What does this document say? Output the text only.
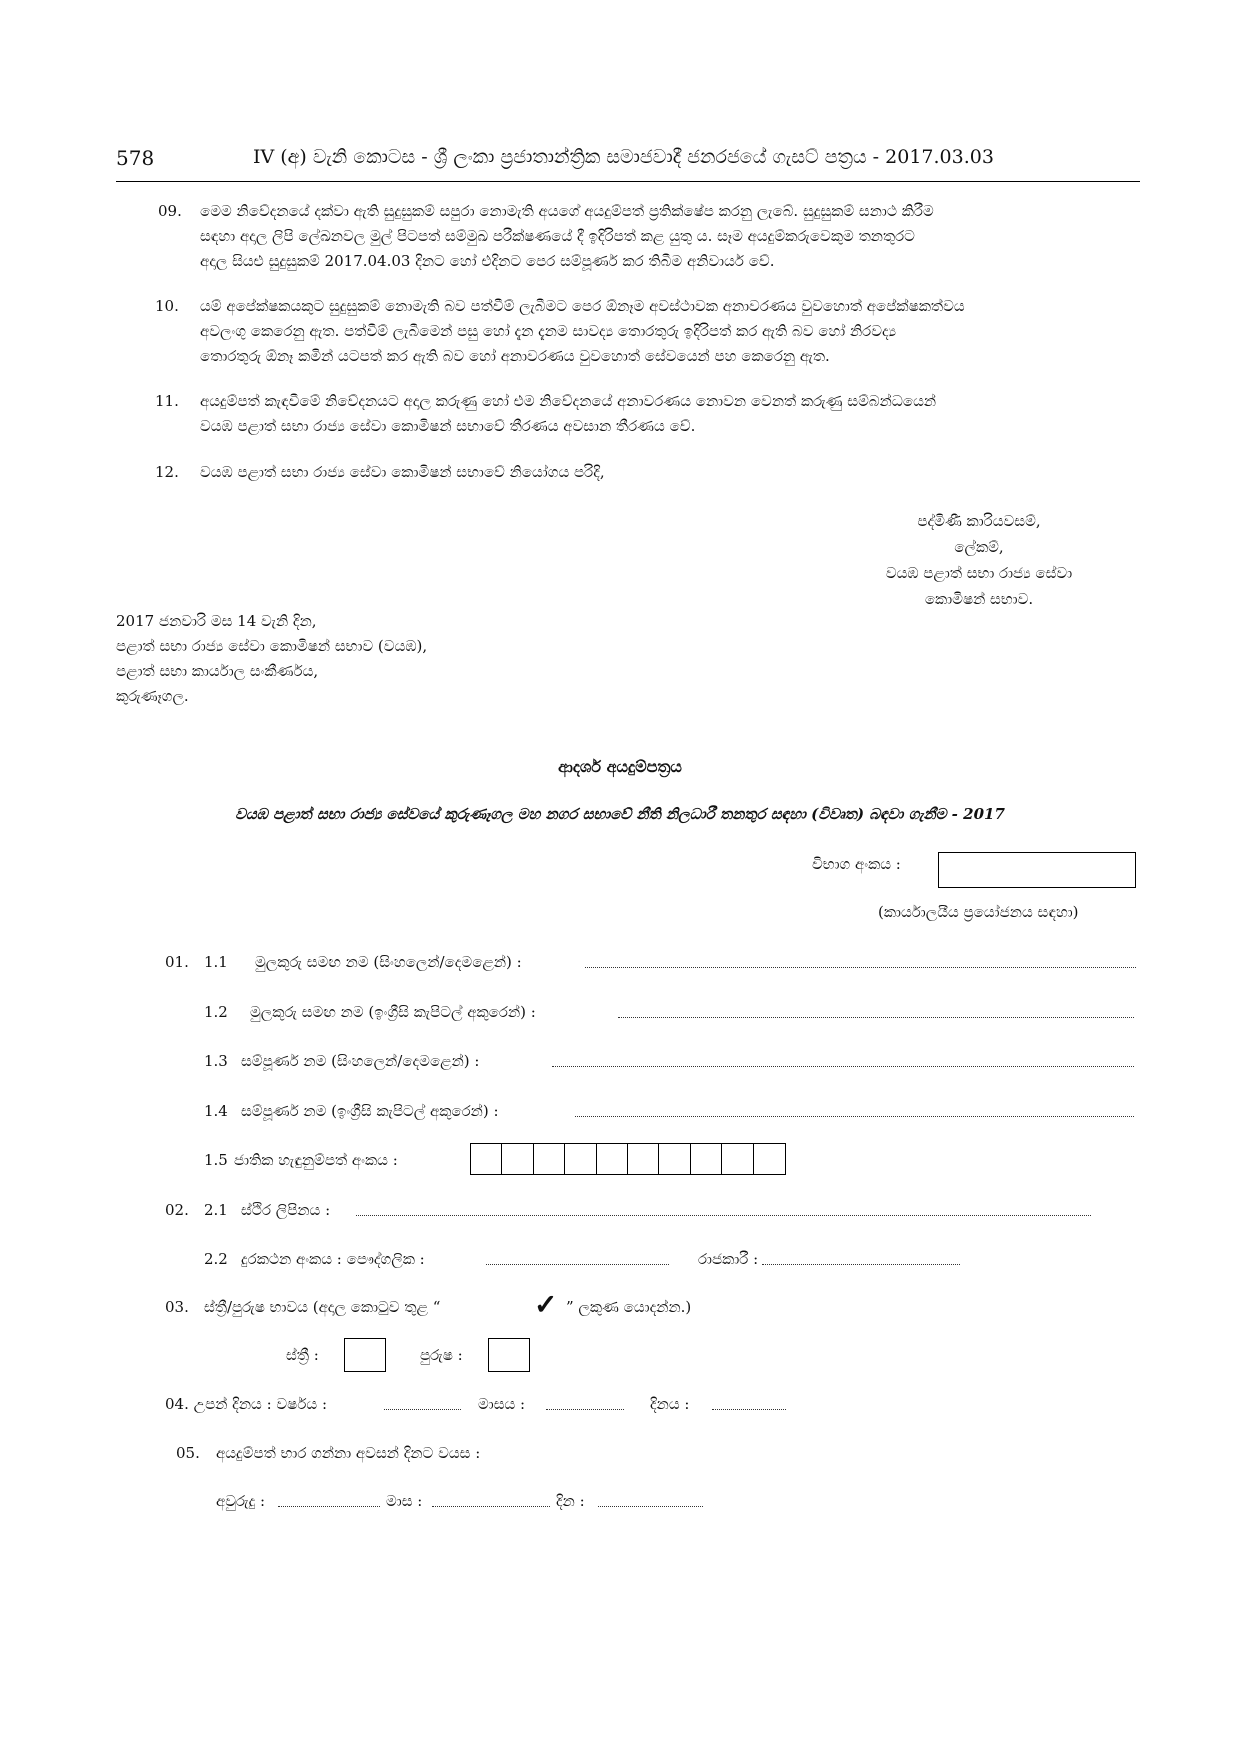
578	IV (අ) වැනි කොටස - ශ්‍රී ලංකා ප්‍රජාතාන්ත්‍රික සමාජවාදී ජනරජයේ ගැසට් පත්‍රය - 2017.03.03
09. මෙම නිවේදනයේ දක්වා ඇති සුදුසුකම් සපුරා නොමැති අයගේ අයදුම්පත් ප්‍රතික්ෂේප කරනු ලැබේ. සුදුසුකම් සනාථ කිරීම
සඳහා අදාල ලිපි ලේඛනවල මුල් පිටපත් සම්මුඛ පරීක්ෂණයේ දී ඉදිරිපත් කළ යුතු ය. සෑම අයදුම්කරුවෙකුම තනතුරට
අදාල සියළු සුදුසුකම් 2017.04.03 දිනට හෝ එදිනට පෙර සම්පූර්ණ කර තිබීම අනිවාර්ය වේ.
10. යම් අපේක්ෂකයකුට සුදුසුකම් නොමැති බව පත්වීම් ලැබීමට පෙර ඕනෑම අවස්ථාවක අනාවරණය වුවහොත් අපේක්ෂකත්වය
අවලංගු කෙරෙනු ඇත. පත්වීම් ලැබීමෙන් පසු හෝ දැන දැනම සාවද්‍ය තොරතුරු ඉදිරිපත් කර ඇති බව හෝ නිරවද්‍ය
තොරතුරු ඕනෑ කමින් යටපත් කර ඇති බව හෝ අනාවරණය වුවහොත් සේවයෙන් පහ කෙරෙනු ඇත.
11. අයදුම්පත් කැඳවීමේ නිවේදනයට අදාල කරුණු හෝ එම නිවේදනයේ අනාවරණය නොවන වෙනත් කරුණු සම්බන්ධයෙන්
වයඹ පළාත් සභා රාජ්‍ය සේවා කොමිෂන් සභාවේ තීරණය අවසාන තීරණය වේ.
12. වයඹ පළාත් සභා රාජ්‍ය සේවා කොමිෂන් සභාවේ නියෝගය පරිදි,
පද්මිණී කාරියවසම්,
ලේකම්,
වයඹ පළාත් සභා රාජ්‍ය සේවා
කොමිෂන් සභාව.
2017 ජනවාරි මස 14 වැනි දින,
පළාත් සභා රාජ්‍ය සේවා කොමිෂන් සභාව (වයඹ),
පළාත් සභා කාර්යාල සංකීර්ණය,
කුරුණෑගල.
ආදර්ශ අයදුම්පත්‍රය
වයඹ පළාත් සභා රාජ්‍ය සේවයේ කුරුණෑගල මහ නගර සභාවේ නීති නිලධාරී තනතුර සඳහා (විවෘත) බඳවා ගැනීම - 2017
විභාග අංකය :
(කාර්යාලයීය ප්‍රයෝජනය සඳහා)
01. 1.1 මුලකුරු සමඟ නම (සිංහලෙන්/දෙමළෙන්) :
1.2 මුලකුරු සමඟ නම (ඉංග්‍රීසි කැපිටල් අකුරෙන්) :
1.3 සම්පූර්ණ නම (සිංහලෙන්/දෙමළෙන්) :
1.4 සම්පූර්ණ නම (ඉංග්‍රීසි කැපිටල් අකුරෙන්) :
1.5 ජාතික හැඳුනුම්පත් අංකය :
02. 2.1 ස්ථිර ලිපිනය :
2.2 දුරකථන අංකය : පෞද්ගලික :	රාජකාරී :
03. ස්ත්‍රී/පුරුෂ භාවය (අදාල කොටුව තුළ “	✓ ” ලකුණ යොදන්න.)
ස්ත්‍රී :	පුරුෂ :
04. උපන් දිනය : වර්ෂය :	මාසය :	දිනය :
05. අයදුම්පත් භාර ගන්නා අවසන් දිනට වයස :
අවුරුදු :	මාස :	දින :
